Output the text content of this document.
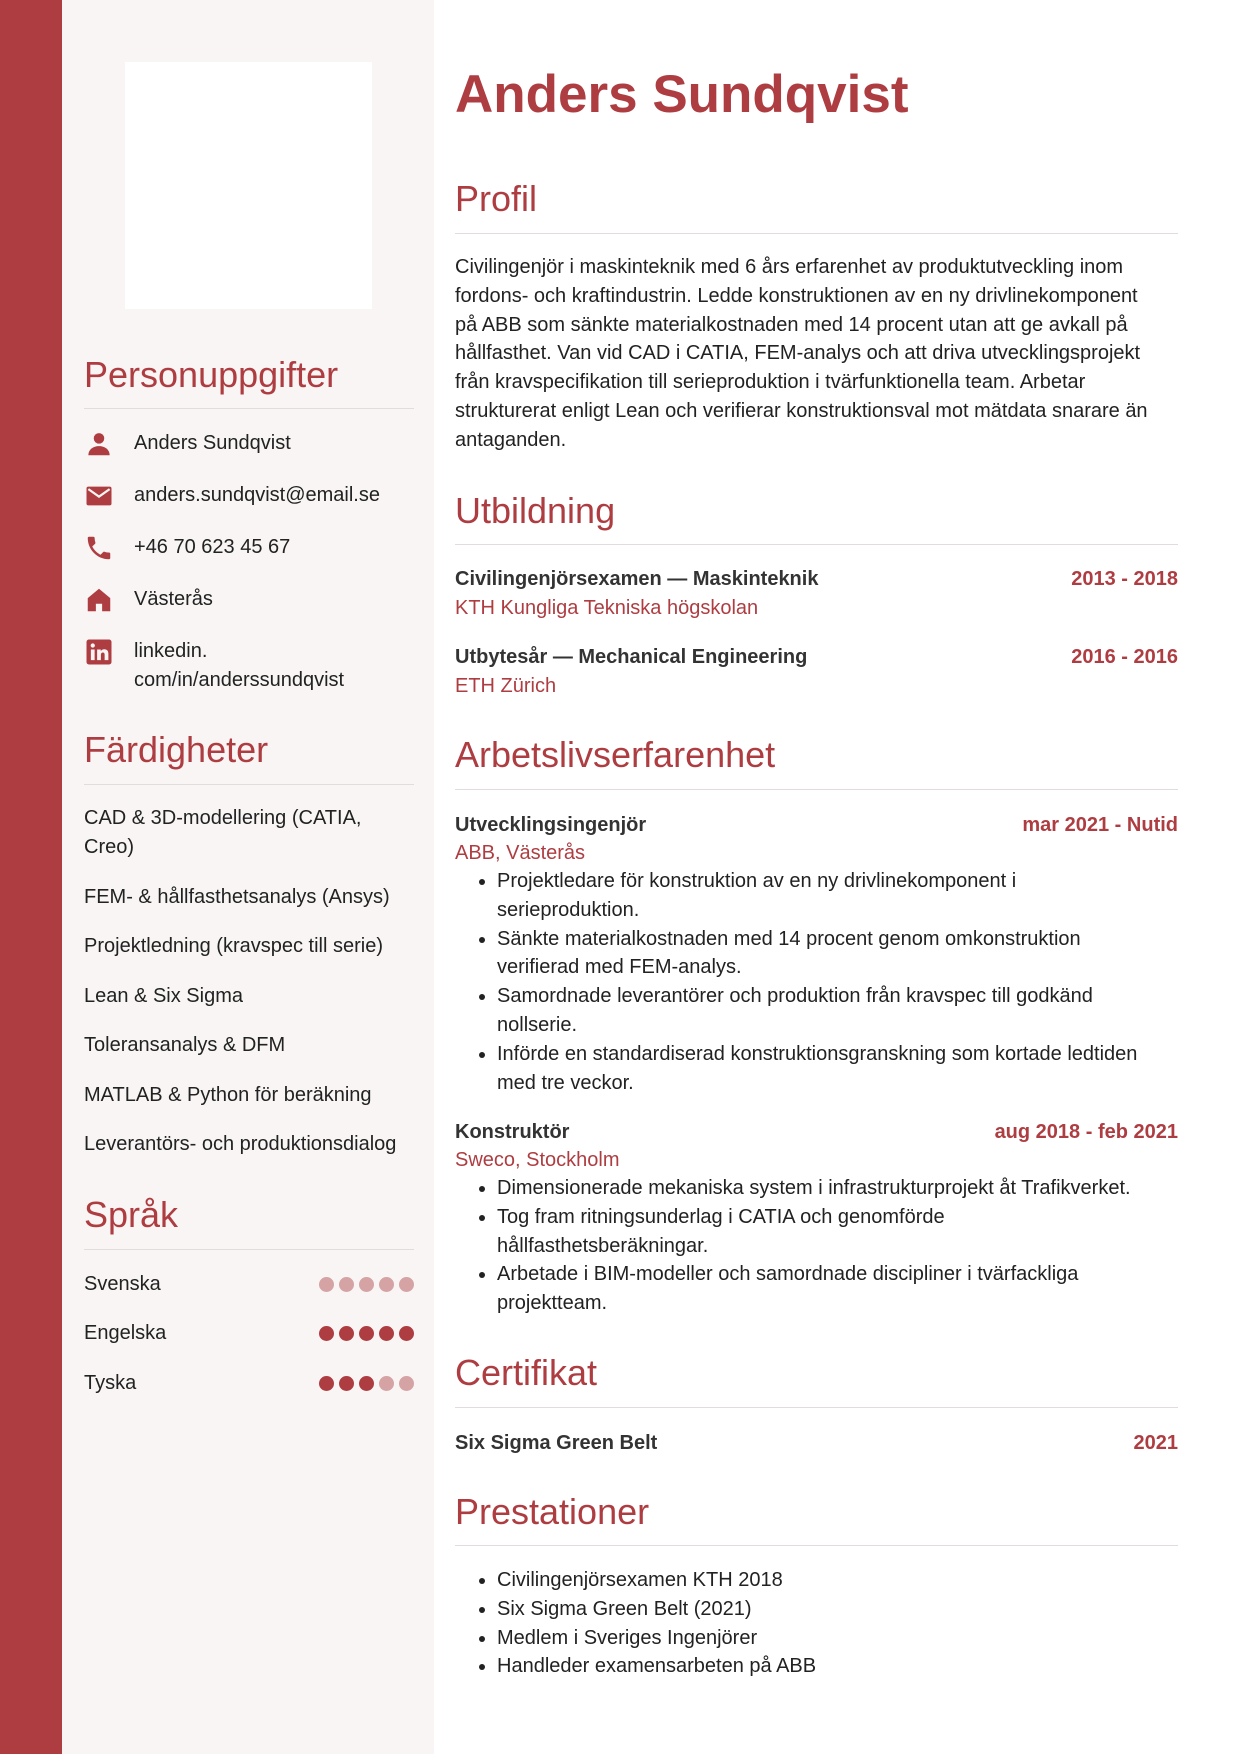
Personuppgifter
Anders Sundqvist
anders.sundqvist@email.se
+46 70 623 45 67
Västerås
linkedin.
com/in/anderssundqvist
Färdigheter
CAD & 3D-modellering (CATIA,
Creo)
FEM- & hållfasthetsanalys (Ansys)
Projektledning (kravspec till serie)
Lean & Six Sigma
Toleransanalys & DFM
MATLAB & Python för beräkning
Leverantörs- och produktionsdialog
Språk
Svenska
Engelska
Tyska
Anders Sundqvist
Profil
Civilingenjör i maskinteknik med 6 års erfarenhet av produktutveckling inom
fordons- och kraftindustrin. Ledde konstruktionen av en ny drivlinekomponent
på ABB som sänkte materialkostnaden med 14 procent utan att ge avkall på
hållfasthet. Van vid CAD i CATIA, FEM-analys och att driva utvecklingsprojekt
från kravspecifikation till serieproduktion i tvärfunktionella team. Arbetar
strukturerat enligt Lean och verifierar konstruktionsval mot mätdata snarare än
antaganden.
Utbildning
Civilingenjörsexamen — Maskinteknik	2013 - 2018
KTH Kungliga Tekniska högskolan
Utbytesår — Mechanical Engineering	2016 - 2016
ETH Zürich
Arbetslivserfarenhet
Utvecklingsingenjör	mar 2021 - Nutid
ABB, Västerås
• Projektledare för konstruktion av en ny drivlinekomponent i
serieproduktion.
• Sänkte materialkostnaden med 14 procent genom omkonstruktion
verifierad med FEM-analys.
• Samordnade leverantörer och produktion från kravspec till godkänd
nollserie.
• Införde en standardiserad konstruktionsgranskning som kortade ledtiden
med tre veckor.
Konstruktör	aug 2018 - feb 2021
Sweco, Stockholm
• Dimensionerade mekaniska system i infrastrukturprojekt åt Trafikverket.
• Tog fram ritningsunderlag i CATIA och genomförde
hållfasthetsberäkningar.
• Arbetade i BIM-modeller och samordnade discipliner i tvärfackliga
projektteam.
Certifikat
Six Sigma Green Belt	2021
Prestationer
• Civilingenjörsexamen KTH 2018
• Six Sigma Green Belt (2021)
• Medlem i Sveriges Ingenjörer
• Handleder examensarbeten på ABB
